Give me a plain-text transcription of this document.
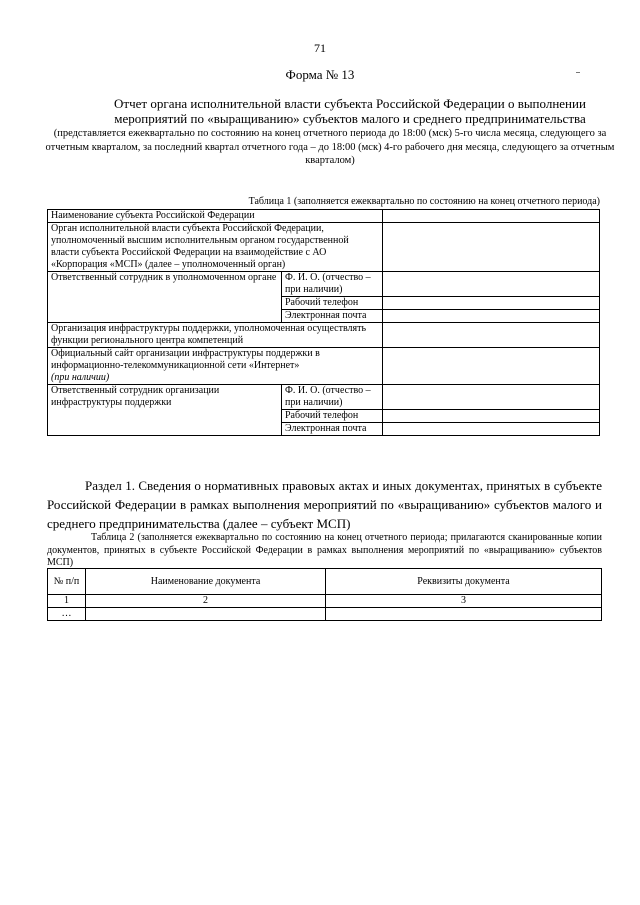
71
Форма № 13
Отчет органа исполнительной власти субъекта Российской Федерации о выполнении мероприятий по «выращиванию» субъектов малого и среднего предпринимательства
(представляется ежеквартально по состоянию на конец отчетного периода до 18:00 (мск) 5-го числа месяца, следующего за отчетным кварталом, за последний квартал отчетного года – до 18:00 (мск) 4-го рабочего дня месяца, следующего за отчетным кварталом)
Таблица 1 (заполняется ежеквартально по состоянию на конец отчетного периода)
Наименование субъекта Российской Федерации		
Орган исполнительной власти субъекта Российской Федерации, уполномоченный высшим исполнительным органом государственной власти субъекта Российской Федерации на взаимодействие с АО «Корпорация «МСП» (далее – уполномоченный орган)		
Ответственный сотрудник в уполномоченном органе	Ф. И. О. (отчество – при наличии)	
	Рабочий телефон	
	Электронная почта	
Организация инфраструктуры поддержки, уполномоченная осуществлять функции регионального центра компетенций		
Официальный сайт организации инфраструктуры поддержки в информационно-телекоммуникационной сети «Интернет»
(при наличии)		
Ответственный сотрудник организации инфраструктуры поддержки	Ф. И. О. (отчество – при наличии)	
	Рабочий телефон	
	Электронная почта	
Раздел 1. Сведения о нормативных правовых актах и иных документах, принятых в субъекте Российской Федерации в рамках выполнения мероприятий по «выращиванию» субъектов малого и среднего предпринимательства (далее – субъект МСП)
Таблица 2 (заполняется ежеквартально по состоянию на конец отчетного периода; прилагаются сканированные копии документов, принятых в субъекте Российской Федерации в рамках выполнения мероприятий по «выращиванию» субъектов МСП)
№ п/п	Наименование документа	Реквизиты документа
1	2	3
…		
